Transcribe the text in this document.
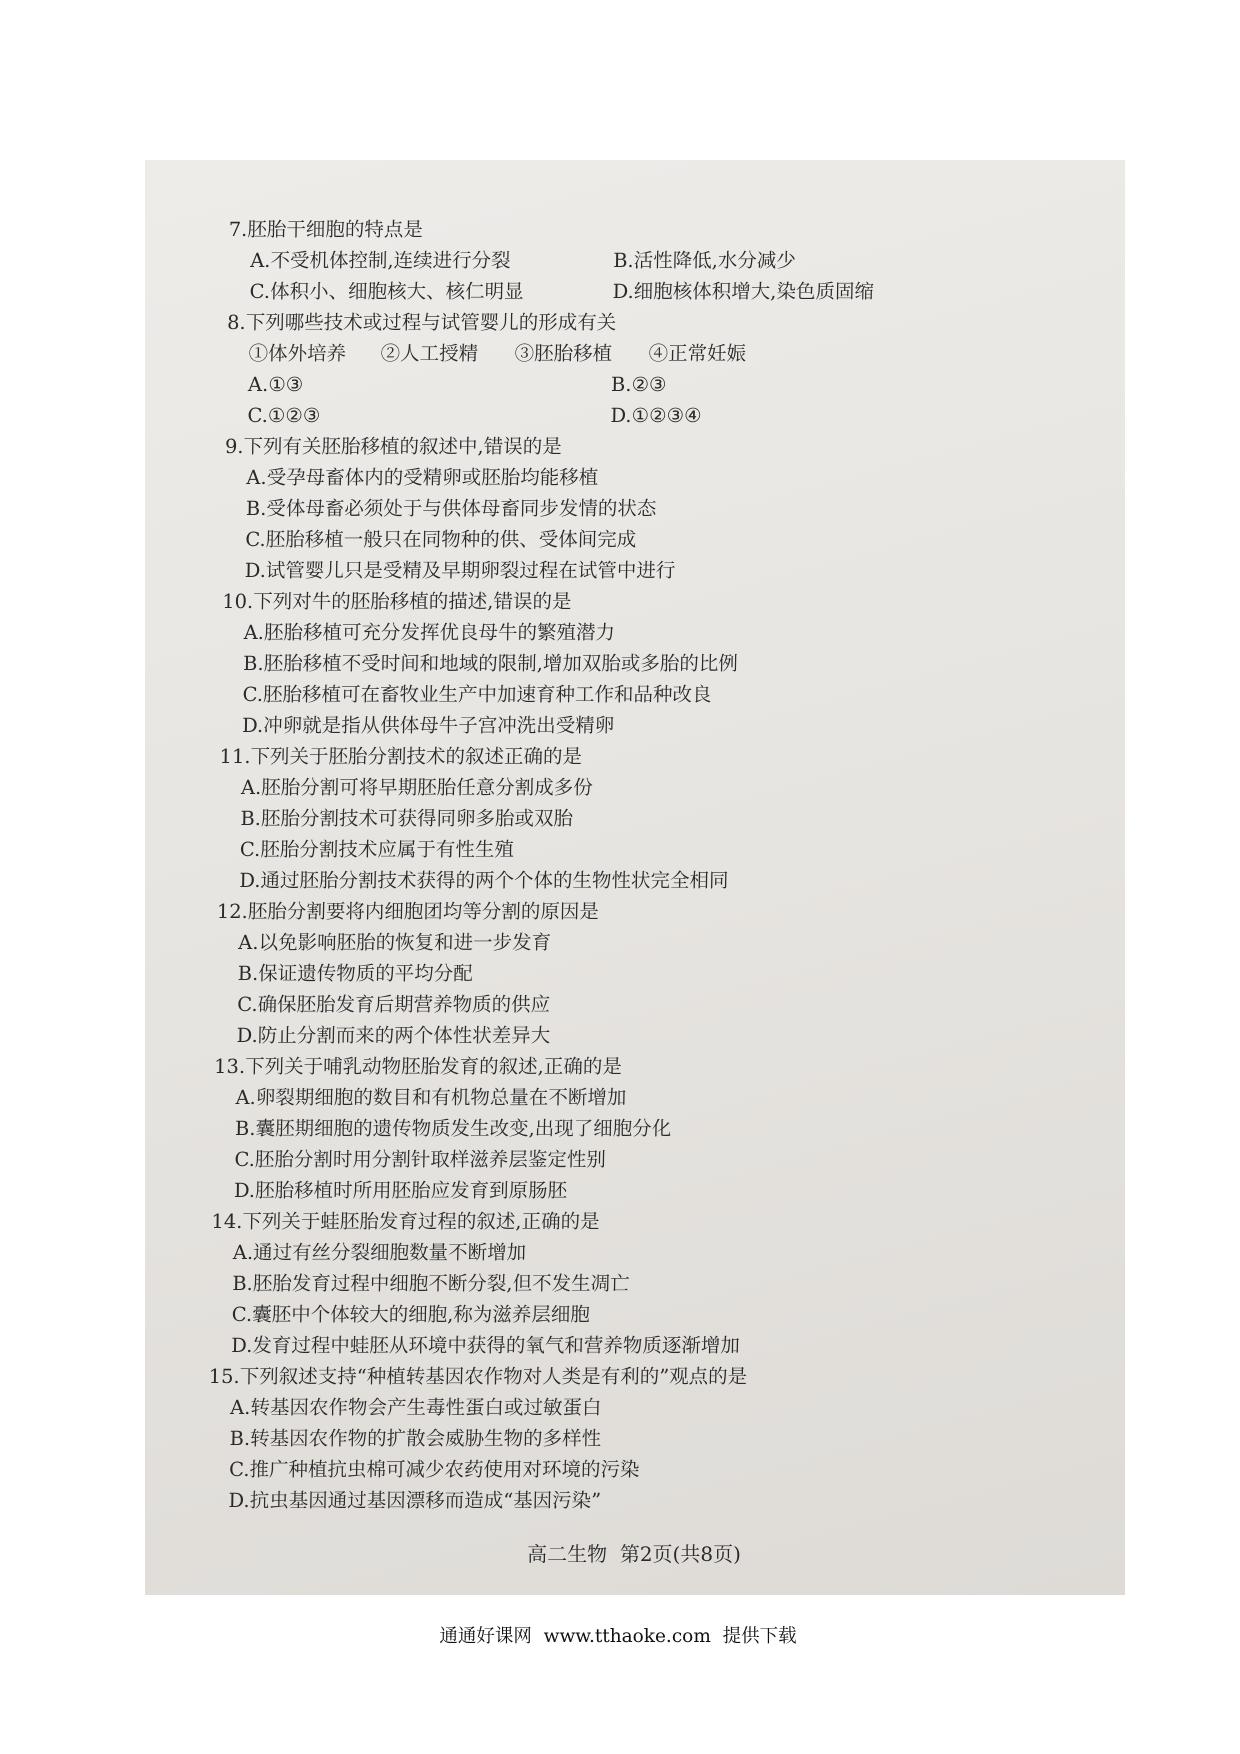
7.胚胎干细胞的特点是
A.不受机体控制,连续进行分裂	B.活性降低,水分减少
C.体积小、细胞核大、核仁明显	D.细胞核体积增大,染色质固缩
8.下列哪些技术或过程与试管婴儿的形成有关
①体外培养 ②人工授精 ③胚胎移植 ④正常妊娠
A.①③	B.②③
C.①②③	D.①②③④
9.下列有关胚胎移植的叙述中,错误的是
A.受孕母畜体内的受精卵或胚胎均能移植
B.受体母畜必须处于与供体母畜同步发情的状态
C.胚胎移植一般只在同物种的供、受体间完成
D.试管婴儿只是受精及早期卵裂过程在试管中进行
10.下列对牛的胚胎移植的描述,错误的是
A.胚胎移植可充分发挥优良母牛的繁殖潜力
B.胚胎移植不受时间和地域的限制,增加双胎或多胎的比例
C.胚胎移植可在畜牧业生产中加速育种工作和品种改良
D.冲卵就是指从供体母牛子宫冲洗出受精卵
11.下列关于胚胎分割技术的叙述正确的是
A.胚胎分割可将早期胚胎任意分割成多份
B.胚胎分割技术可获得同卵多胎或双胎
C.胚胎分割技术应属于有性生殖
D.通过胚胎分割技术获得的两个个体的生物性状完全相同
12.胚胎分割要将内细胞团均等分割的原因是
A.以免影响胚胎的恢复和进一步发育
B.保证遗传物质的平均分配
C.确保胚胎发育后期营养物质的供应
D.防止分割而来的两个体性状差异大
13.下列关于哺乳动物胚胎发育的叙述,正确的是
A.卵裂期细胞的数目和有机物总量在不断增加
B.囊胚期细胞的遗传物质发生改变,出现了细胞分化
C.胚胎分割时用分割针取样滋养层鉴定性别
D.胚胎移植时所用胚胎应发育到原肠胚
14.下列关于蛙胚胎发育过程的叙述,正确的是
A.通过有丝分裂细胞数量不断增加
B.胚胎发育过程中细胞不断分裂,但不发生凋亡
C.囊胚中个体较大的细胞,称为滋养层细胞
D.发育过程中蛙胚从环境中获得的氧气和营养物质逐渐增加
15.下列叙述支持“种植转基因农作物对人类是有利的”观点的是
A.转基因农作物会产生毒性蛋白或过敏蛋白
B.转基因农作物的扩散会威胁生物的多样性
C.推广种植抗虫棉可减少农药使用对环境的污染
D.抗虫基因通过基因漂移而造成“基因污染”
高二生物  第2页(共8页)
通通好课网  www.tthaoke.com  提供下载
